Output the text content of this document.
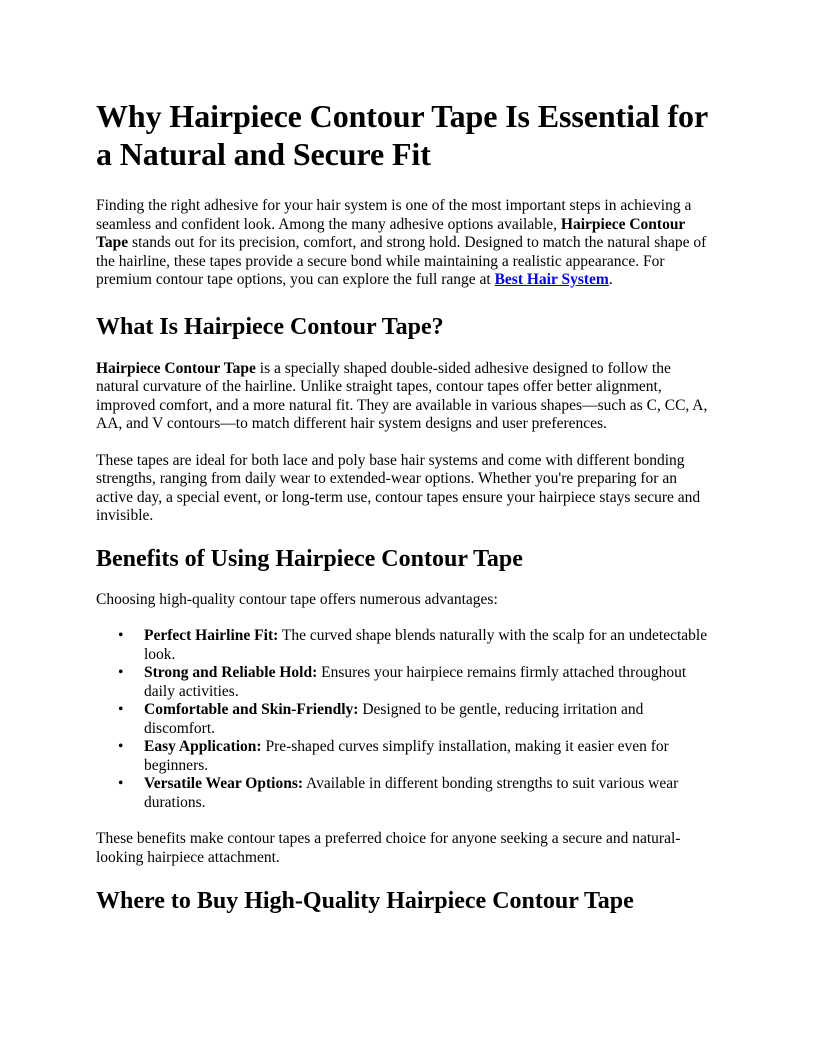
Why Hairpiece Contour Tape Is Essential for a Natural and Secure Fit

Finding the right adhesive for your hair system is one of the most important steps in achieving a seamless and confident look. Among the many adhesive options available, Hairpiece Contour Tape stands out for its precision, comfort, and strong hold. Designed to match the natural shape of the hairline, these tapes provide a secure bond while maintaining a realistic appearance. For premium contour tape options, you can explore the full range at Best Hair System.

What Is Hairpiece Contour Tape?

Hairpiece Contour Tape is a specially shaped double-sided adhesive designed to follow the natural curvature of the hairline. Unlike straight tapes, contour tapes offer better alignment, improved comfort, and a more natural fit. They are available in various shapes—such as C, CC, A, AA, and V contours—to match different hair system designs and user preferences.

These tapes are ideal for both lace and poly base hair systems and come with different bonding strengths, ranging from daily wear to extended-wear options. Whether you're preparing for an active day, a special event, or long-term use, contour tapes ensure your hairpiece stays secure and invisible.

Benefits of Using Hairpiece Contour Tape

Choosing high-quality contour tape offers numerous advantages:

• Perfect Hairline Fit: The curved shape blends naturally with the scalp for an undetectable look.
• Strong and Reliable Hold: Ensures your hairpiece remains firmly attached throughout daily activities.
• Comfortable and Skin-Friendly: Designed to be gentle, reducing irritation and discomfort.
• Easy Application: Pre-shaped curves simplify installation, making it easier even for beginners.
• Versatile Wear Options: Available in different bonding strengths to suit various wear durations.

These benefits make contour tapes a preferred choice for anyone seeking a secure and natural-looking hairpiece attachment.

Where to Buy High-Quality Hairpiece Contour Tape
